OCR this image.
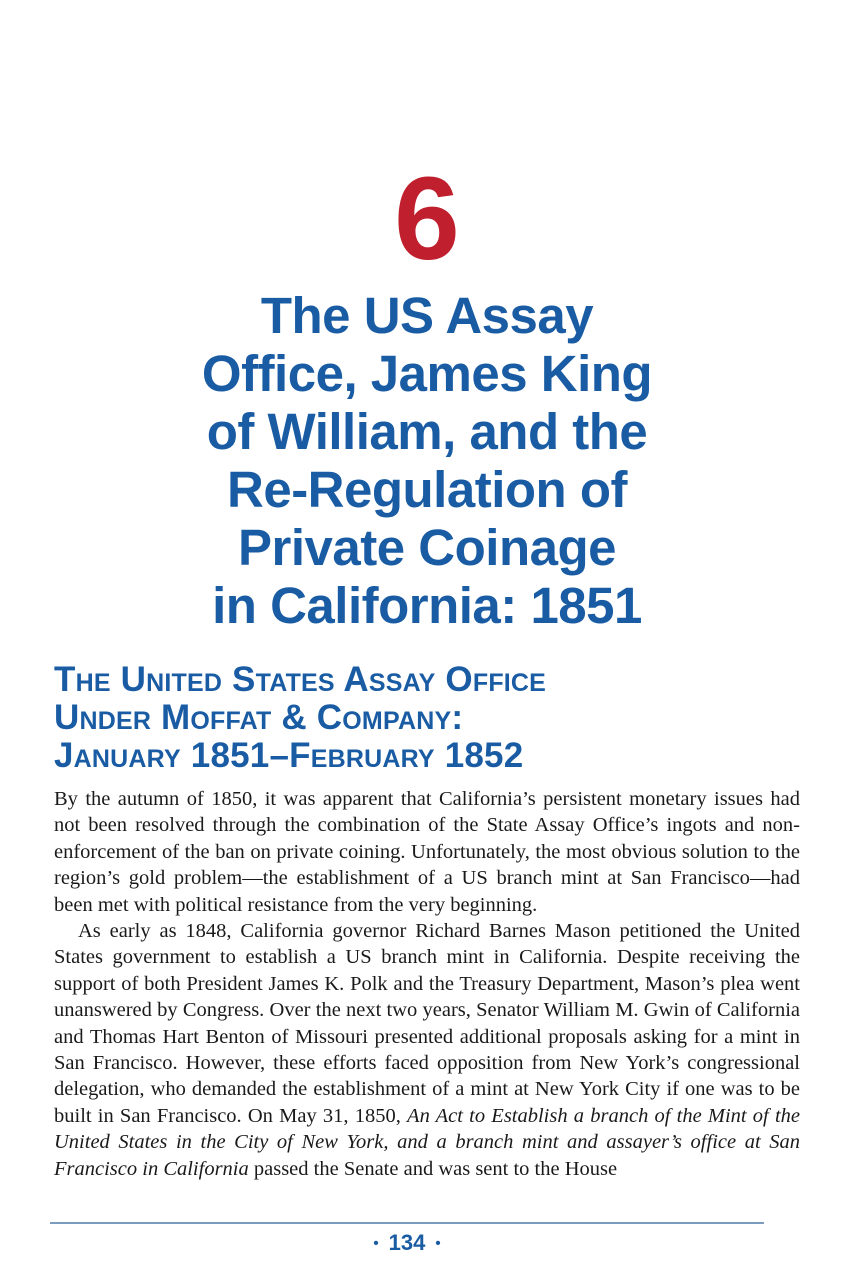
6
The US Assay
Office, James King
of William, and the
Re-Regulation of
Private Coinage
in California: 1851
The United States Assay Office
Under Moffat & Company:
January 1851–February 1852

By the autumn of 1850, it was apparent that California’s persistent monetary issues had not been resolved through the combination of the State Assay Office’s ingots and non-enforcement of the ban on private coining. Unfortunately, the most obvious solution to the region’s gold problem—the establishment of a US branch mint at San Francisco—had been met with political resistance from the very beginning.

As early as 1848, California governor Richard Barnes Mason petitioned the United States government to establish a US branch mint in California. Despite receiving the support of both President James K. Polk and the Treasury Department, Mason’s plea went unanswered by Congress. Over the next two years, Senator William M. Gwin of California and Thomas Hart Benton of Missouri presented additional proposals asking for a mint in San Francisco. However, these efforts faced opposition from New York’s congressional delegation, who demanded the establishment of a mint at New York City if one was to be built in San Francisco. On May 31, 1850, An Act to Establish a branch of the Mint of the United States in the City of New York, and a branch mint and assayer’s office at San Francisco in California passed the Senate and was sent to the House

• 134 •
